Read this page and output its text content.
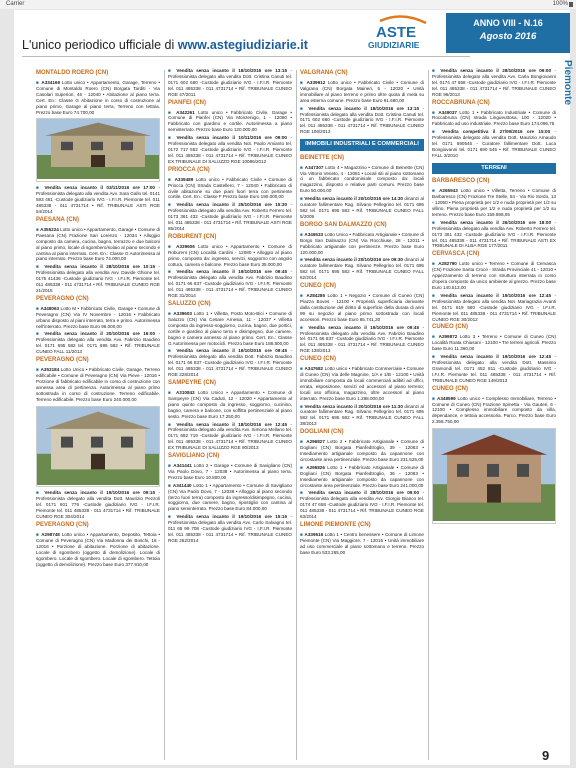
Carrier	100%
L'unico periodico ufficiale di www.astegiudiziarie.it
ASTE
GIUDIZIARIE
ANNO VIII - N.16
Agosto 2016
MONTALDO ROERO (CN)

■ A334169 Lotto unico • Appartamento, Garage, Terreno • Comune di Montaldo Roero (CN) Borgata Tarditi - Via Casolari Superiori, 46 - 12040 • Abitazione al piano terra. Cert. En.: Classe G Abitazione in corso di costruzione al piano primo, Garage al piano terra, Terreno con tettoia. Prezzo base Euro 74.700,00

■ Vendita senza incanto il 03/11/2016 ore 17:00 - Professionista delegato alla vendita Avv. Sara Gallo tel. 0141 593 461 -Custode giudiziario IVG - I.F.I.R. Piemonte tel. 011 485338 - 011 4731714 • Rif. TRIBUNALE ASTI RGE 54/2014

PAESANA (CN)

■ A355224 Lotto unico • Appartamento, Garage • Comune di Paesana (CN) Frazione San Lorenzo - 12034 • Alloggio composto da camera, cucina, bagno, terrazzo e due balconi al piano primo, locale di sgombero/solaio al piano secondo e cantina al piano interrato. Cert. En.: Classe G Autorimessa al piano interrato. Prezzo base Euro 74.000,00

■ Vendita senza incanto il 28/10/2016 ore 10:15 - Professionista delegato alla vendita Avv. Davide Ghione tel. 0175 41436 -Custode giudiziario IVG - I.F.I.R. Piemonte tel. 011 485338 - 011 4731714 • Rif. TRIBUNALE CUNEO RGE 21/2015

PEVERAGNO (CN)

■ A348063 Lotto M • Fabbricato Civile, Garage • Comune di Peveragno (CN) Via IV Novembre - 12016 • Fabbricato urbano disposto al piani interrato, terra e primo. Autorimessa nell'interrato. Prezzo base Euro 96.000,00

■ Vendita senza incanto il 20/10/2016 ore 16:00 - Professionista delegato alla vendita Avv. Fabrizio Baudino tel. 0171 695 582 tel. 0171 695 582 • Rif. TRIBUNALE CUNEO FALL 11/2013

PEVERAGNO (CN)

■ A353184 Lotto Unico • Fabbricato Civile, Garage, Terreno edificabile • Comune di Peveragno (CN) Via Pieve - 12016 • Porzione di fabbricato edificabile in corso di costruzione con annessa area di pertinenza. Autorimessa al piano primo sottostrada in corso di costruzione. Terreno edificabile. Terreno edificabile. Prezzo base Euro 240.000,00

■ Vendita senza incanto il 19/10/2016 ore 09:15 - Professionista delegato alla vendita Dott. Maurizio Pezzoli tel. 0171 601 776 -Custode giudiziario IVG - I.F.I.R. Piemonte tel. 011 485338 - 011 4731714 • Rif. TRIBUNALE CUNEO RGE 304/2014

PEVERAGNO (CN)

■ A298748 Lotto unico • Appartamento, Deposito, Tettoia • Comune di Peveragno (CN) Via Madonna dei Boschi, 18 - 12016 • Porzione di abitazione. Porzione di abitazione. Locale di sgombero (oggetto di demolizione). Locale di sgombero. Locale di sgombero. Locale di sgombero. Tettoia (oggetto di demolizione). Prezzo base Euro 377.910,00

■ Vendita senza incanto il 18/10/2016 ore 13:15 - Professionista delegato alla vendita Dott. Cristina Canuti tel. 0171 602 660 -Custode giudiziario IVG - I.F.I.R. Piemonte tel. 011 485338 - 011 4731714 • Rif. TRIBUNALE CUNEO RGE 47/2011

PIANFEI (CN)

■ A342261 Lotto unico • Fabbricato Civile, Garage • Comune di Pianfei (CN) Via Monzenigo, 1 - 12060 • Fabbricato con giardino e cortile. Autorimessa a piano seminterrato. Prezzo base Euro 120.000,00

■ Vendita senza incanto il 10/11/2016 ore 09:00 - Professionista delegato alla vendita Not. Paolo Amianto tel. 0172 717 552 -Custode giudiziario IVG - I.F.I.R. Piemonte tel. 011 485338 - 011 4731714 • Rif. TRIBUNALE CUNEO EX TRIBUNALE DI SALUZZO RGE 10086/2012

PRIOCCA (CN)

■ A339489 Lotto unico • Fabbricato Civile • Comune di Priocca (CN) Strada Castellero, 7 - 12040 • Fabbricato di civile abitazione su due piani fuori terra con pertinente cortile. Cert. En.: Classe F Prezzo base Euro 190.000,00

■ Vendita senza incanto il 25/10/2016 ore 15:30 - Professionista delegato alla vendita Avv. Roberto Ferrero tel. 0173 361 432 -Custode giudiziario IVG - I.F.I.R. Piemonte tel. 011 485338 - 011 4731714 • Rif. TRIBUNALE ASTI RGE 85/2014

ROBURENT (CN)

■ A339606 Lotto unico • Appartamento • Comune di Roburent (CN) Località Cardini - 12080 • Alloggio al piano primo, composto da: ingresso, servizi, soggiorno con angolo cottura, camera e balcone. Prezzo base Euro 35.000,00

■ Vendita senza incanto il 19/10/2016 ore 09:45 - Professionista delegato alla vendita Avv. Fabrizio Baudino tel. 0171 66 837 -Custode giudiziario IVG - I.F.I.R. Piemonte tel. 011 485338 - 011 4731714 • Rif. TRIBUNALE CUNEO RGE 31/2014

SALUZZO (CN)

■ A339603 Lotto 1 • Villetta, Posto Moto-Bici • Comune di Saluzzo (CN) Via Cesare Arnesia, 11 - 12037 • Villetta composta da ingresso-soggiorno, cucina, bagno, due portici, cortile e giardino al piano terra e disimpegno, due camere, bagno e camera annesso al piano primo. Cert. En.: Classe G Autorimessa per motocicli. Prezzo base Euro 188.800,00

■ Vendita senza incanto il 19/10/2016 ore 09:45 - Professionista delegato alla vendita Dott. Fabrizio Baudino tel. 0171 66 837 -Custode giudiziario IVG - I.F.I.R. Piemonte tel. 011 485338 - 011 4731714 • Rif. TRIBUNALE CUNEO RGE 228/2014

SAMPEYRE (CN)

■ A310843 Lotto Unico • Appartamento • Comune di Sampeyre (CN) Via Caduti, 12 - 12020 • Appartamento al piano quinto composto da ingresso, soggiorno, cucinino, bagno, camera e balcone, con soffitta pertinenziale al piano sesto. Prezzo base Euro 17.250,00

■ Vendita senza incanto il 18/10/2016 ore 12:45 - Professionista delegato alla vendita Avv. Simona Mellano tel. 0171 692 719 -Custode giudiziario IVG - I.F.I.R. Piemonte tel. 011 485338 - 011 4731714 • Rif. TRIBUNALE CUNEO EX TRIBUNALE DI SALUZZO RGE 90/2013

SAVIGLIANO (CN)

■ A341441 Lotto 2 • Garage • Comune di Savigliano (CN) Via Paolo Dovo, 7 - 12038 • Autorimessa al piano terra. Prezzo base Euro 10.800,00

■ A341440 Lotto 1 • Appartamento • Comune di Savigliano (CN) Via Paolo Dovo, 7 - 12038 • Alloggio al piano secondo (terzo fuori terra) composto da ingresso/disimpegno, cucina, soggiorno, due camere, bagno, ripostiglio con cantina al piano seminterrato. Prezzo base Euro 84.000,00

■ Vendita senza incanto il 19/10/2016 ore 15:15 - Professionista delegato alla vendita Avv. Carlo Salvagno tel. 011 65 99 708 -Custode giudiziario IVG - I.F.I.R. Piemonte tel. 011 485338 - 011 4731714 • Rif. TRIBUNALE CUNEO RGE 252/2014

VALGRANA (CN)

■ A339912 Lotto unico • Fabbricato Civile • Comune di Valgrana (CN) Borgata Maineri, 5 - 12020 • Unità immobiliare al piano terreno e primo oltre quota di metà su area esterna comune. Prezzo base Euro 91.680,00

■ Vendita senza incanto il 18/10/2016 ore 13:15 - Professionista delegato alla vendita Dott. Cristina Canuti tel. 0171 602 660 -Custode giudiziario IVG - I.F.I.R. Piemonte tel. 011 485338 - 011 4731714 • Rif. TRIBUNALE CUNEO RGE 106/2013

IMMOBILI INDUSTRIALI E COMMERCIALI
BEINETTE (CN)

■ A347307 Lotto 4 • Magazzino • Comune di Beinette (CN) Via Vittorio Veneto, 4 - 12081 • Locali siti al piano sottomano ci un fabbricato condominiale composto da: locali magazzino, disposto e relative parti comuni. Prezzo base Euro 50.000,00

■ Vendita senza incanto il 20/10/2016 ore 14:30 dinanzi al curatore fallimentare Rag. Silvano Pellegrino tel. 0171 695 582 tel. 0171 695 582 • Rif. TRIBUNALE CUNEO FALL 5/2009

BORGO SAN DALMAZZO (CN)

■ A346533 Lotto Unico • Fabbricato Artigianale • Comune di Borgo San Dalmazzo (CN) Via Rocchiuse, 28 - 12011 • Fabbricato artigianale con pertinenze. Prezzo base Euro 120.000,00

■ Vendita senza incanto il 20/10/2016 ore 09:30 dinanzi al curatore fallimentare Rag. Silvano Pellegrino tel. 0171 695 582 tel. 0171 695 582 • Rif. TRIBUNALE CUNEO FALL 62/2014

CUNEO (CN)

■ A284285 Lotto 1 • Negozio • Comune di Cuneo (CN) Piazza Boves - 12100 • Proprietà superficiaria derivante dalla costituzione del diritto di superficie della durata di anni 99 su negozio al piano primo sottostrada con locali accessori. Prezzo base Euro 85.741,20

■ Vendita senza incanto il 19/10/2016 ore 09:45 - Professionista delegato alla vendita Avv. Fabrizio Baudino tel. 0171 66 837 -Custode giudiziario IVG - I.F.I.R. Piemonte tel. 011 485338 - 011 4731714 • Rif. TRIBUNALE CUNEO RGE 138/2013

CUNEO (CN)

■ A347682 Lotto unico • Fabbricato Commerciale • Comune di Cuneo (CN) Via delle Magnine, 1/A e 1/B - 12100 • Unità immobiliare composta da locali commerciali adibiti ad uffici, errata, esposizione, servizi ed accessori al piano terreno; locali uso officina, magazzino, oltre accessori al piano interrato. Prezzo base Euro 1.288.000,00

■ Vendita senza incanto il 20/10/2016 ore 11:30 dinanzi al curatore fallimentare Rag. Silvano Pellegrino tel. 0171 695 582 tel. 0171 695 582 • Rif. TRIBUNALE CUNEO FALL 38/2013

DOGLIANI (CN)

■ A296827 Lotto 2 • Fabbricato Artigianale • Comune di Dogliani (CN) Borgata Pianfedtroglio, 39 - 12063 • Insediamento artigianale composto da capannone con circostante area pertinenziale. Prezzo base Euro 231.525,00

■ A296826 Lotto 1 • Fabbricato Artigianale • Comune di Dogliani (CN) Borgata Pianfedtroglio, 36 - 12063 • Insediamento artigianale composto da capannone con circostante area pertinenziale. Prezzo base Euro 241.000,00

■ Vendita senza incanto il 28/10/2016 ore 09:00 - Professionista delegato alla vendita Avv. Giorgio Bianco tel. 0174 47 658 -Custode giudiziario IVG - I.F.I.R. Piemonte tel. 011 485338 - 011 4731714 • Rif. TRIBUNALE CUNEO RGE 63/2014

LIMONE PIEMONTE (CN)

■ A339516 Lotto 1 • Centro benessere • Comune di Limone Piemonte (CN) Via Maggiore, 7 - 12015 • Unità immobiliare ad uso commerciale al piano sottomano e terreno. Prezzo base Euro 533.265,00

■ Vendita senza incanto il 28/10/2016 ore 09:00 - Professionista delegato alla vendita Avv. Carla Bongiovanni tel. 0174 47 658 -Custode giudiziario IVG - I.F.I.R. Piemonte tel. 011 485338 - 011 4731714 • Rif. TRIBUNALE CUNEO RGE 96/2013

ROCCABRUNA (CN)

■ A349037 Lotto 1 • Fabbricato Industriale • Comune di Roccabruna (CN) strada Lingueuttosa, 100 - 12020 • Fabbricato ad uso industriale. Prezzo base Euro 174.096,75

■ Vendita competitiva il 27/09/2016 ore 15:00 - Professionista delegato alla vendita Dott. Maurizio Arnaudo tel. 0171 690545 - Curatore fallimentare Dott. Luca Bongiovanni tel. 0171 690 545 • Rif. TRIBUNALE CUNEO FALL 3/2010

TERRENI
BARBARESCO (CN)

■ A265943 Lotto unico • Villetta, Terreno • Comune di Barbaresco (CN) Frazione Tre Stelle, 54 - Via Rio Sordo, 13 - 12050 • Piena proprietà per 1/2 e nuda proprietà per 1/2 su villino. Piena proprietà per 1/2 e nuda proprietà per 1/2 su terreno. Prezzo base Euro 159.898,05

■ Vendita senza incanto il 26/10/2016 ore 18:00 - Professionista delegato alla vendita Avv. Roberto Ferrero tel. 0173 361 432 -Custode giudiziario IVG - I.F.I.R. Piemonte tel. 011 485338 - 011 4731714 • Rif. TRIBUNALE ASTI EX TRIBUNALE DI ALBA RGE 177/2011

CERVASCA (CN)

■ A282790 Lotto unico • Terreno • Comune di Cervasca (CN) Frazione Santa Croce - Strada Provinciale 41 - 12010 • Appezzamento di terreno con struttura interrata in corso d'opera composto da unico ambiente al grezzo. Prezzo base Euro 140.513,00

■ Vendita senza incanto il 19/10/2016 ore 12:45 - Professionista delegato alla vendita Not. Mariagrazia Avanti tel. 0171 619 560 -Custode giudiziario IVG - I.F.I.R. Piemonte tel. 011 485338 - 011 4731714 • Rif. TRIBUNALE CUNEO RGE 30/2012

CUNEO (CN)

■ A299872 Lotto 3 • Terreno • Comune di Cuneo (CN) Località Roata Chiusani - 12100 • Tre terreni agricoli. Prezzo base Euro 11.360,00

■ Vendita senza incanto il 19/10/2016 ore 12:45 - Professionista delegato alla vendita Dott. Massimo Gramondi tel. 0171 452 811 -Custode giudiziario IVG - I.F.I.R. Piemonte tel. 011 485338 - 011 4731714 • Rif. TRIBUNALE CUNEO RGE 149/2013

CUNEO (CN)

■ A348599 Lotto unico • Complesso Immobiliare, Terreno • Comune di Cuneo (CN) Frazione Spinetta - Via Gauteri, 6 - 12100 • Complesso immobiliare composto da villa, dependance, e tettoia accessoria. Parco. Prezzo base Euro 2.358.750,00

Piemonte
9
